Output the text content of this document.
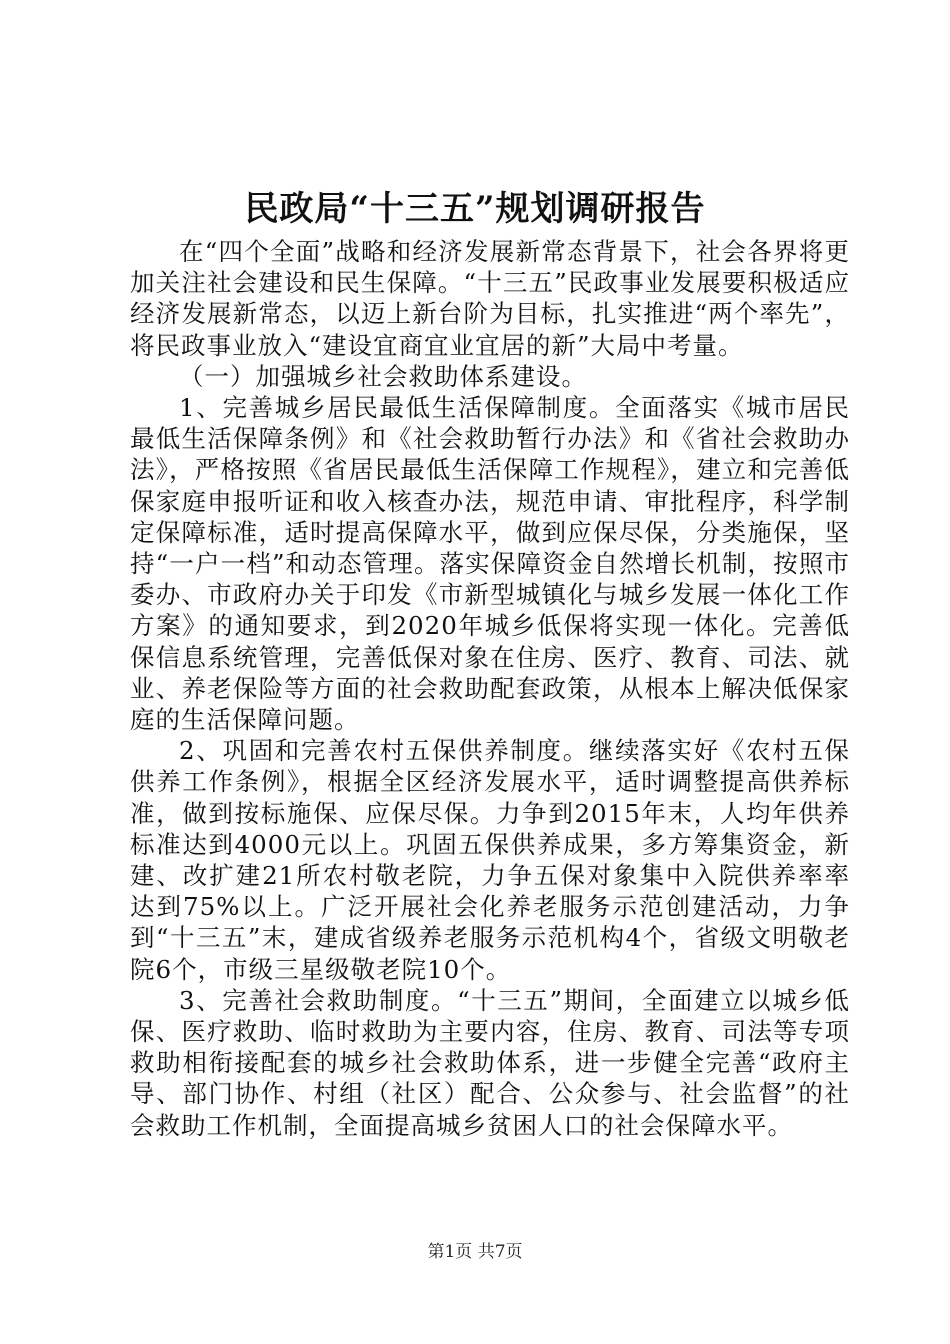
民政局“十三五”规划调研报告

在“四个全面”战略和经济发展新常态背景下，社会各界将更加关注社会建设和民生保障。“十三五”民政事业发展要积极适应经济发展新常态，以迈上新台阶为目标，扎实推进“两个率先”，将民政事业放入“建设宜商宜业宜居的新”大局中考量。

（一）加强城乡社会救助体系建设。

1、完善城乡居民最低生活保障制度。全面落实《城市居民最低生活保障条例》和《社会救助暂行办法》和《省社会救助办法》，严格按照《省居民最低生活保障工作规程》，建立和完善低保家庭申报听证和收入核查办法，规范申请、审批程序，科学制定保障标准，适时提高保障水平，做到应保尽保，分类施保，坚持“一户一档”和动态管理。落实保障资金自然增长机制，按照市委办、市政府办关于印发《市新型城镇化与城乡发展一体化工作方案》的通知要求，到2020年城乡低保将实现一体化。完善低保信息系统管理，完善低保对象在住房、医疗、教育、司法、就业、养老保险等方面的社会救助配套政策，从根本上解决低保家庭的生活保障问题。

2、巩固和完善农村五保供养制度。继续落实好《农村五保供养工作条例》，根据全区经济发展水平，适时调整提高供养标准，做到按标施保、应保尽保。力争到2015年末，人均年供养标准达到4000元以上。巩固五保供养成果，多方筹集资金，新建、改扩建21所农村敬老院，力争五保对象集中入院供养率率达到75%以上。广泛开展社会化养老服务示范创建活动，力争到“十三五”末，建成省级养老服务示范机构4个，省级文明敬老院6个，市级三星级敬老院10个。

3、完善社会救助制度。“十三五”期间，全面建立以城乡低保、医疗救助、临时救助为主要内容，住房、教育、司法等专项救助相衔接配套的城乡社会救助体系，进一步健全完善“政府主导、部门协作、村组（社区）配合、公众参与、社会监督”的社会救助工作机制，全面提高城乡贫困人口的社会保障水平。

第1页 共7页
